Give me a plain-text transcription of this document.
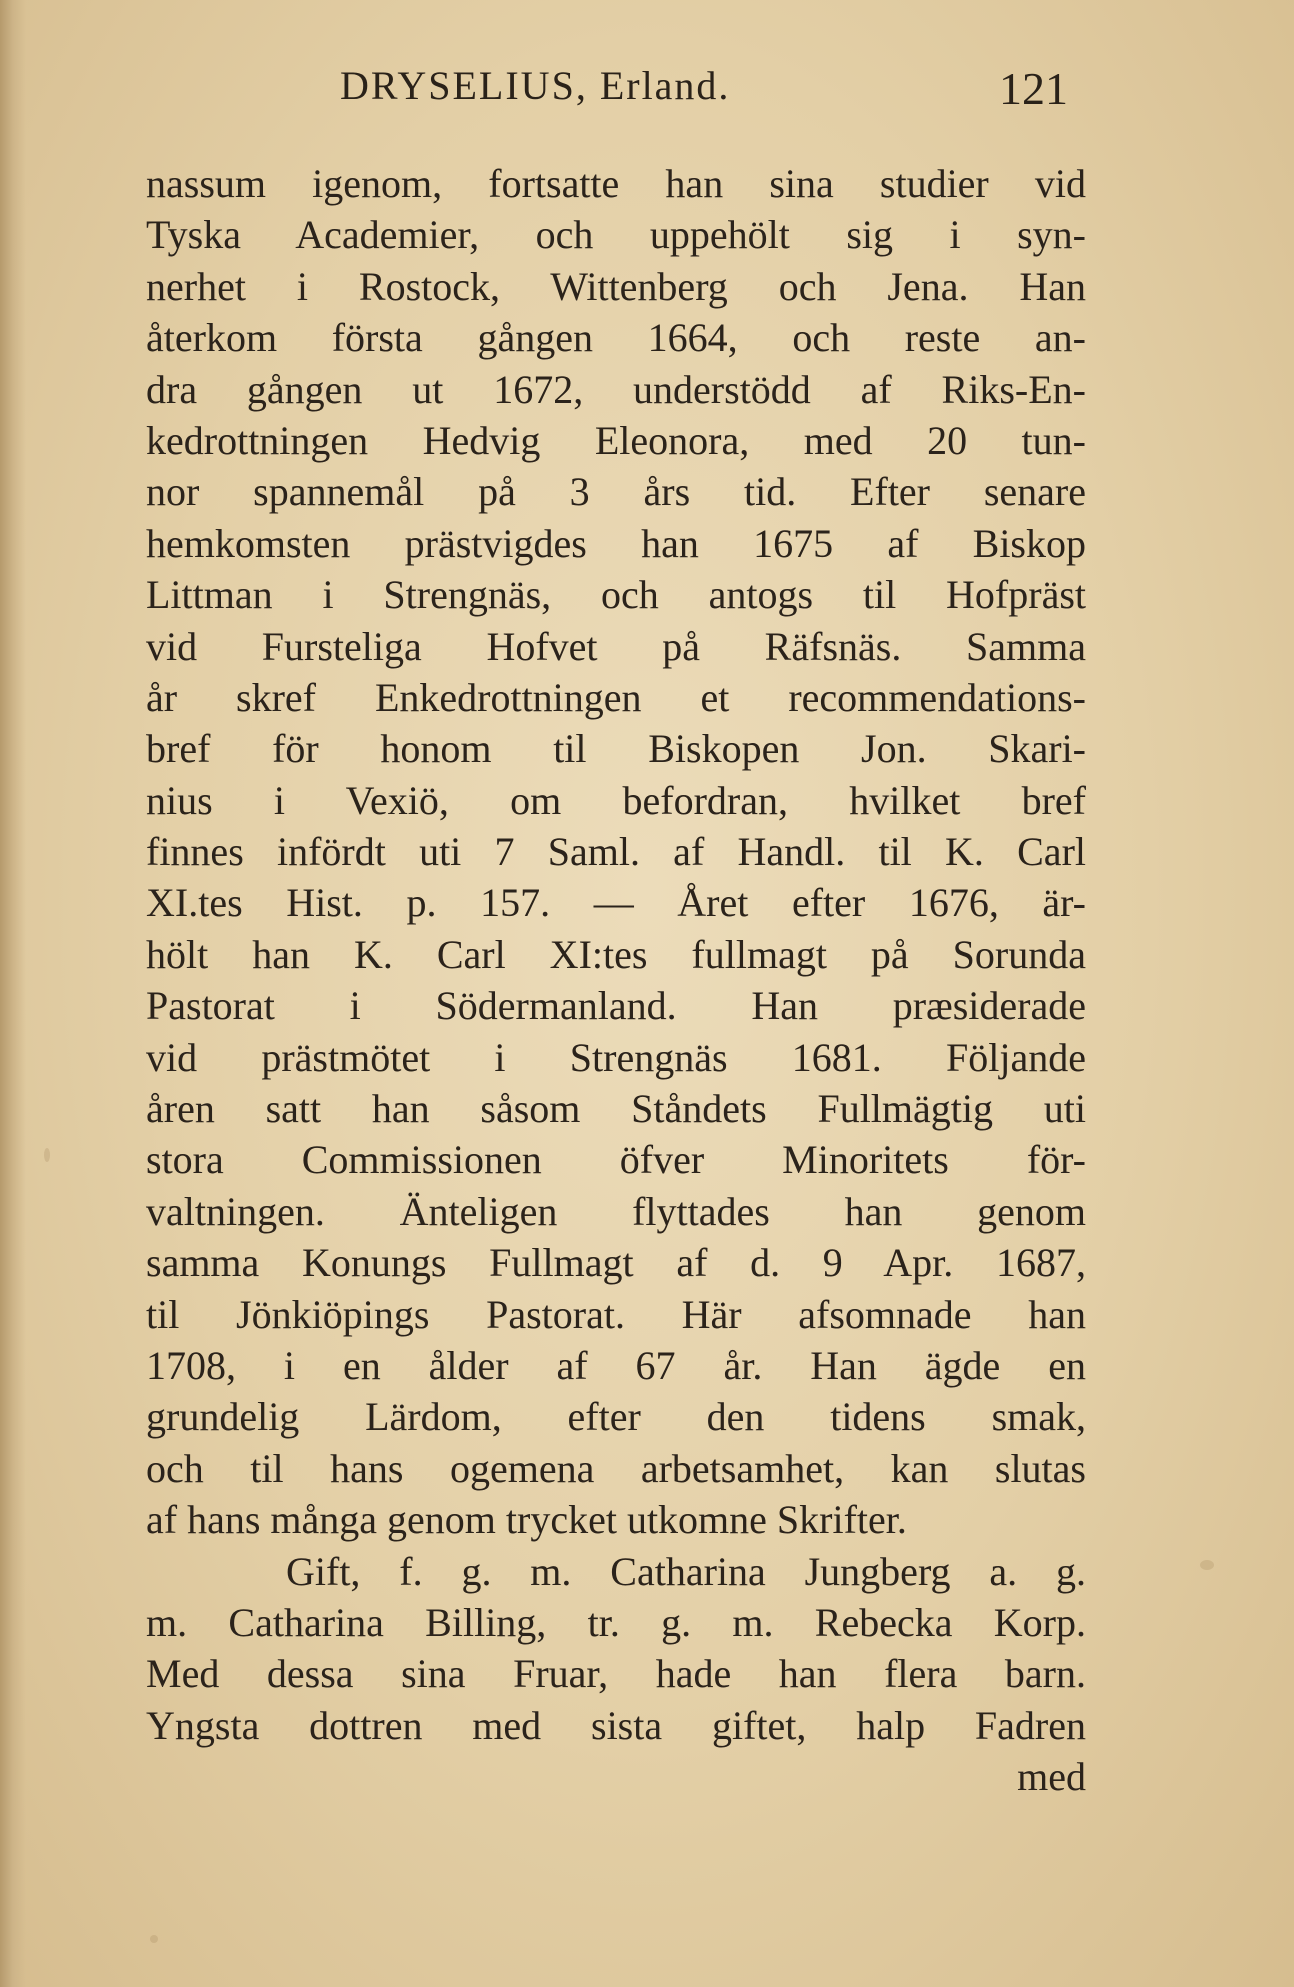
DRYSELIUS, Erland.	121
nassum igenom, fortsatte han sina studier vid
Tyska Academier, och uppehölt sig i syn-
nerhet i Rostock, Wittenberg och Jena. Han
återkom första gången 1664, och reste an-
dra gången ut 1672, understödd af Riks-En-
kedrottningen Hedvig Eleonora, med 20 tun-
nor spannemål på 3 års tid. Efter senare
hemkomsten prästvigdes han 1675 af Biskop
Littman i Strengnäs, och antogs til Hofpräst
vid Fursteliga Hofvet på Räfsnäs. Samma
år skref Enkedrottningen et recommendations-
bref för honom til Biskopen Jon. Skari-
nius i Vexiö, om befordran, hvilket bref
finnes infördt uti 7 Saml. af Handl. til K. Carl
XI.tes Hist. p. 157. — Året efter 1676, är-
hölt han K. Carl XI:tes fullmagt på Sorunda
Pastorat i Södermanland. Han præsiderade
vid prästmötet i Strengnäs 1681. Följande
åren satt han såsom Ståndets Fullmägtig uti
stora Commissionen öfver Minoritets för-
valtningen. Änteligen flyttades han genom
samma Konungs Fullmagt af d. 9 Apr. 1687,
til Jönkiöpings Pastorat. Här afsomnade han
1708, i en ålder af 67 år. Han ägde en
grundelig Lärdom, efter den tidens smak,
och til hans ogemena arbetsamhet, kan slutas
af hans många genom trycket utkomne Skrifter.
Gift, f. g. m. Catharina Jungberg a. g.
m. Catharina Billing, tr. g. m. Rebecka Korp.
Med dessa sina Fruar, hade han flera barn.
Yngsta dottren med sista giftet, halp Fadren
med
